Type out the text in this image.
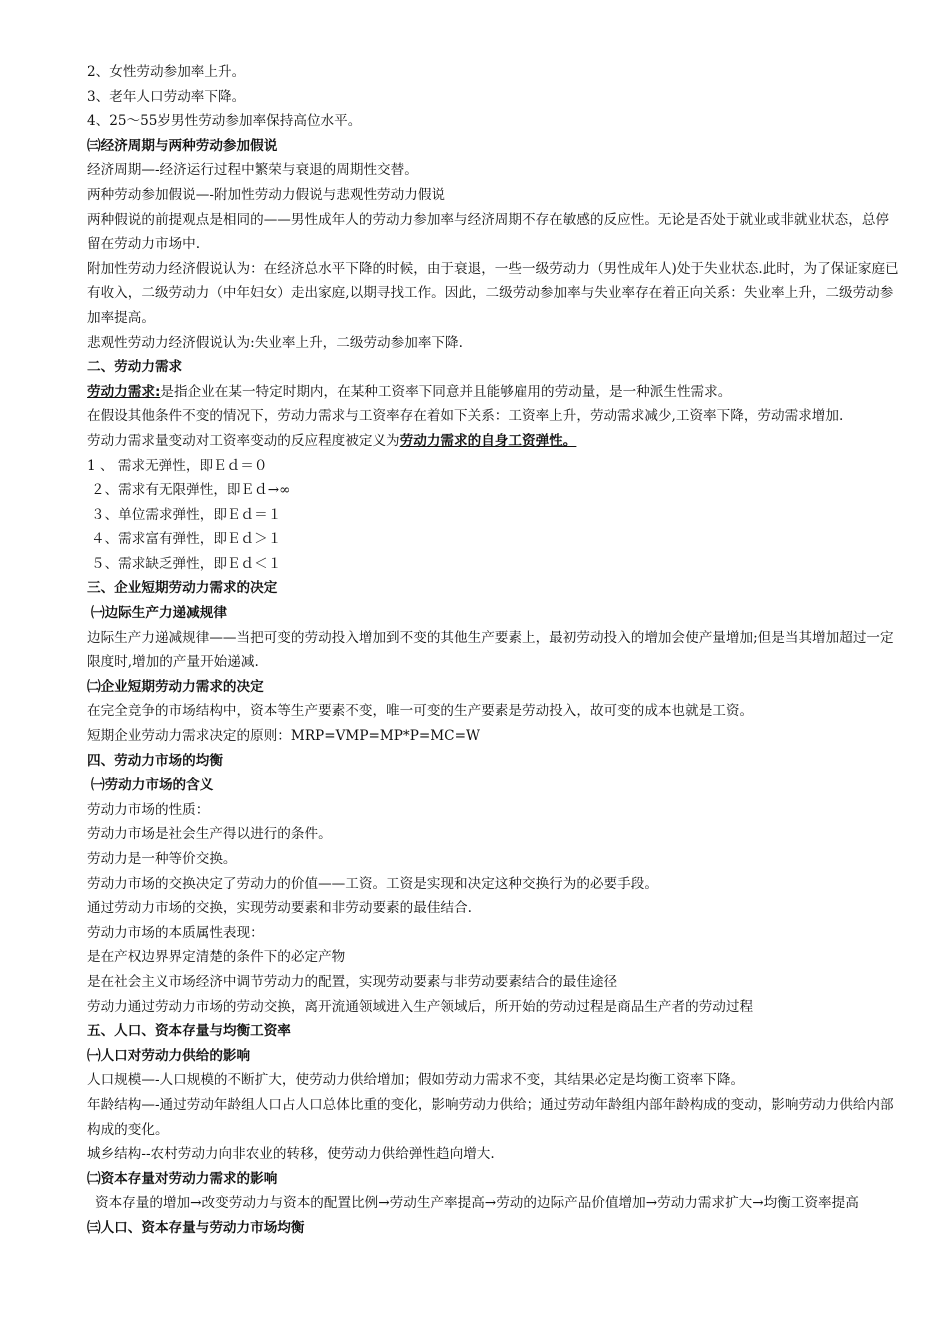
2、女性劳动参加率上升。
3、老年人口劳动率下降。
4、25～55岁男性劳动参加率保持高位水平。
㈢经济周期与两种劳动参加假说
经济周期—-经济运行过程中繁荣与衰退的周期性交替。
两种劳动参加假说—-附加性劳动力假说与悲观性劳动力假说
两种假说的前提观点是相同的——男性成年人的劳动力参加率与经济周期不存在敏感的反应性。无论是否处于就业或非就业状态，总停留在劳动力市场中.
附加性劳动力经济假说认为：在经济总水平下降的时候，由于衰退，一些一级劳动力（男性成年人)处于失业状态.此时，为了保证家庭已有收入，二级劳动力（中年妇女）走出家庭,以期寻找工作。因此，二级劳动参加率与失业率存在着正向关系：失业率上升，二级劳动参加率提高。
悲观性劳动力经济假说认为:失业率上升，二级劳动参加率下降.
二、劳动力需求
劳动力需求:是指企业在某一特定时期内，在某种工资率下同意并且能够雇用的劳动量，是一种派生性需求。
在假设其他条件不变的情况下，劳动力需求与工资率存在着如下关系：工资率上升，劳动需求减少,工资率下降，劳动需求增加.
劳动力需求量变动对工资率变动的反应程度被定义为劳动力需求的自身工资弹性。
1 、 需求无弹性，即Ｅｄ＝０
２、需求有无限弹性，即Ｅｄ→∞
３、单位需求弹性，即Ｅｄ＝１
４、需求富有弹性，即Ｅｄ＞１
５、需求缺乏弹性，即Ｅｄ＜１
三、企业短期劳动力需求的决定
㈠边际生产力递减规律
边际生产力递减规律——当把可变的劳动投入增加到不变的其他生产要素上，最初劳动投入的增加会使产量增加;但是当其增加超过一定限度时,增加的产量开始递减.
㈡企业短期劳动力需求的决定
在完全竞争的市场结构中，资本等生产要素不变，唯一可变的生产要素是劳动投入，故可变的成本也就是工资。
短期企业劳动力需求决定的原则：MRP=VMP=MP*P=MC=W
四、劳动力市场的均衡
㈠劳动力市场的含义
劳动力市场的性质：
劳动力市场是社会生产得以进行的条件。
劳动力是一种等价交换。
劳动力市场的交换决定了劳动力的价值——工资。工资是实现和决定这种交换行为的必要手段。
通过劳动力市场的交换，实现劳动要素和非劳动要素的最佳结合.
劳动力市场的本质属性表现：
是在产权边界界定清楚的条件下的必定产物
是在社会主义市场经济中调节劳动力的配置，实现劳动要素与非劳动要素结合的最佳途径
劳动力通过劳动力市场的劳动交换，离开流通领域进入生产领域后，所开始的劳动过程是商品生产者的劳动过程
五、人口、资本存量与均衡工资率
㈠人口对劳动力供给的影响
人口规模—-人口规模的不断扩大，使劳动力供给增加；假如劳动力需求不变，其结果必定是均衡工资率下降。
年龄结构—-通过劳动年龄组人口占人口总体比重的变化，影响劳动力供给；通过劳动年龄组内部年龄构成的变动，影响劳动力供给内部构成的变化。
城乡结构--农村劳动力向非农业的转移，使劳动力供给弹性趋向增大.
㈡资本存量对劳动力需求的影响
资本存量的增加→改变劳动力与资本的配置比例→劳动生产率提高→劳动的边际产品价值增加→劳动力需求扩大→均衡工资率提高
㈢人口、资本存量与劳动力市场均衡
